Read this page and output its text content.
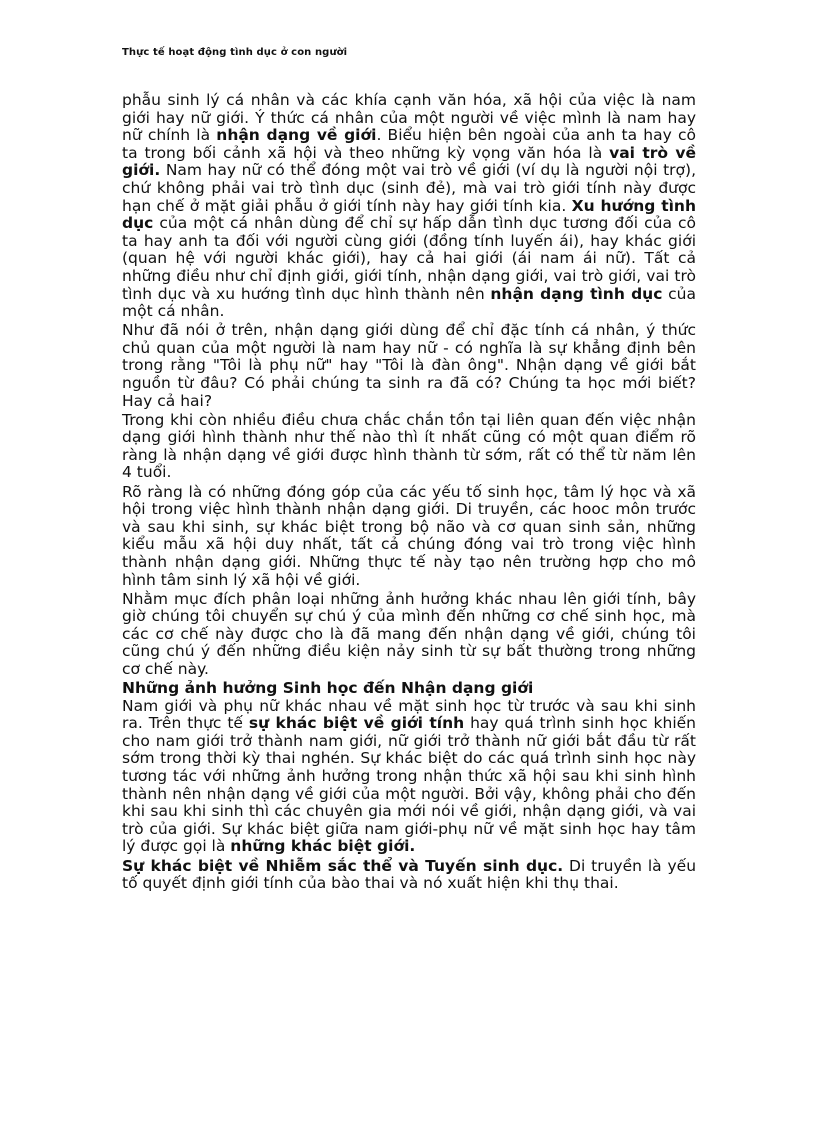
Thực tế hoạt động tình dục ở con người

phẫu sinh lý cá nhân và các khía cạnh văn hóa, xã hội của việc là nam giới hay nữ giới. Ý thức cá nhân của một người về việc mình là nam hay nữ chính là nhận dạng về giới. Biểu hiện bên ngoài của anh ta hay cô ta trong bối cảnh xã hội và theo những kỳ vọng văn hóa là vai trò về giới. Nam hay nữ có thể đóng một vai trò về giới (ví dụ là người nội trợ), chứ không phải vai trò tình dục (sinh đẻ), mà vai trò giới tính này được hạn chế ở mặt giải phẫu ở giới tính này hay giới tính kia. Xu hướng tình dục của một cá nhân dùng để chỉ sự hấp dẫn tình dục tương đối của cô ta hay anh ta đối với người cùng giới (đồng tính luyến ái), hay khác giới (quan hệ với người khác giới), hay cả hai giới (ái nam ái nữ). Tất cả những điều như chỉ định giới, giới tính, nhận dạng giới, vai trò giới, vai trò tình dục và xu hướng tình dục hình thành nên nhận dạng tình dục của một cá nhân.

Như đã nói ở trên, nhận dạng giới dùng để chỉ đặc tính cá nhân, ý thức chủ quan của một người là nam hay nữ - có nghĩa là sự khẳng định bên trong rằng "Tôi là phụ nữ" hay "Tôi là đàn ông". Nhận dạng về giới bắt nguồn từ đâu? Có phải chúng ta sinh ra đã có? Chúng ta học mới biết? Hay cả hai?

Trong khi còn nhiều điều chưa chắc chắn tồn tại liên quan đến việc nhận dạng giới hình thành như thế nào thì ít nhất cũng có một quan điểm rõ ràng là nhận dạng về giới được hình thành từ sớm, rất có thể từ năm lên 4 tuổi.

Rõ ràng là có những đóng góp của các yếu tố sinh học, tâm lý học và xã hội trong việc hình thành nhận dạng giới. Di truyền, các hooc môn trước và sau khi sinh, sự khác biệt trong bộ não và cơ quan sinh sản, những kiểu mẫu xã hội duy nhất, tất cả chúng đóng vai trò trong việc hình thành nhận dạng giới. Những thực tế này tạo nên trường hợp cho mô hình tâm sinh lý xã hội về giới.

Nhằm mục đích phân loại những ảnh hưởng khác nhau lên giới tính, bây giờ chúng tôi chuyển sự chú ý của mình đến những cơ chế sinh học, mà các cơ chế này được cho là đã mang đến nhận dạng về giới, chúng tôi cũng chú ý đến những điều kiện nảy sinh từ sự bất thường trong những cơ chế này.

Những ảnh hưởng Sinh học đến Nhận dạng giới

Nam giới và phụ nữ khác nhau về mặt sinh học từ trước và sau khi sinh ra. Trên thực tế sự khác biệt về giới tính hay quá trình sinh học khiến cho nam giới trở thành nam giới, nữ giới trở thành nữ giới bắt đầu từ rất sớm trong thời kỳ thai nghén. Sự khác biệt do các quá trình sinh học này tương tác với những ảnh hưởng trong nhận thức xã hội sau khi sinh hình thành nên nhận dạng về giới của một người. Bởi vậy, không phải cho đến khi sau khi sinh thì các chuyên gia mới nói về giới, nhận dạng giới, và vai trò của giới. Sự khác biệt giữa nam giới-phụ nữ về mặt sinh học hay tâm lý được gọi là những khác biệt giới.

Sự khác biệt về Nhiễm sắc thể và Tuyến sinh dục. Di truyền là yếu tố quyết định giới tính của bào thai và nó xuất hiện khi thụ thai.
